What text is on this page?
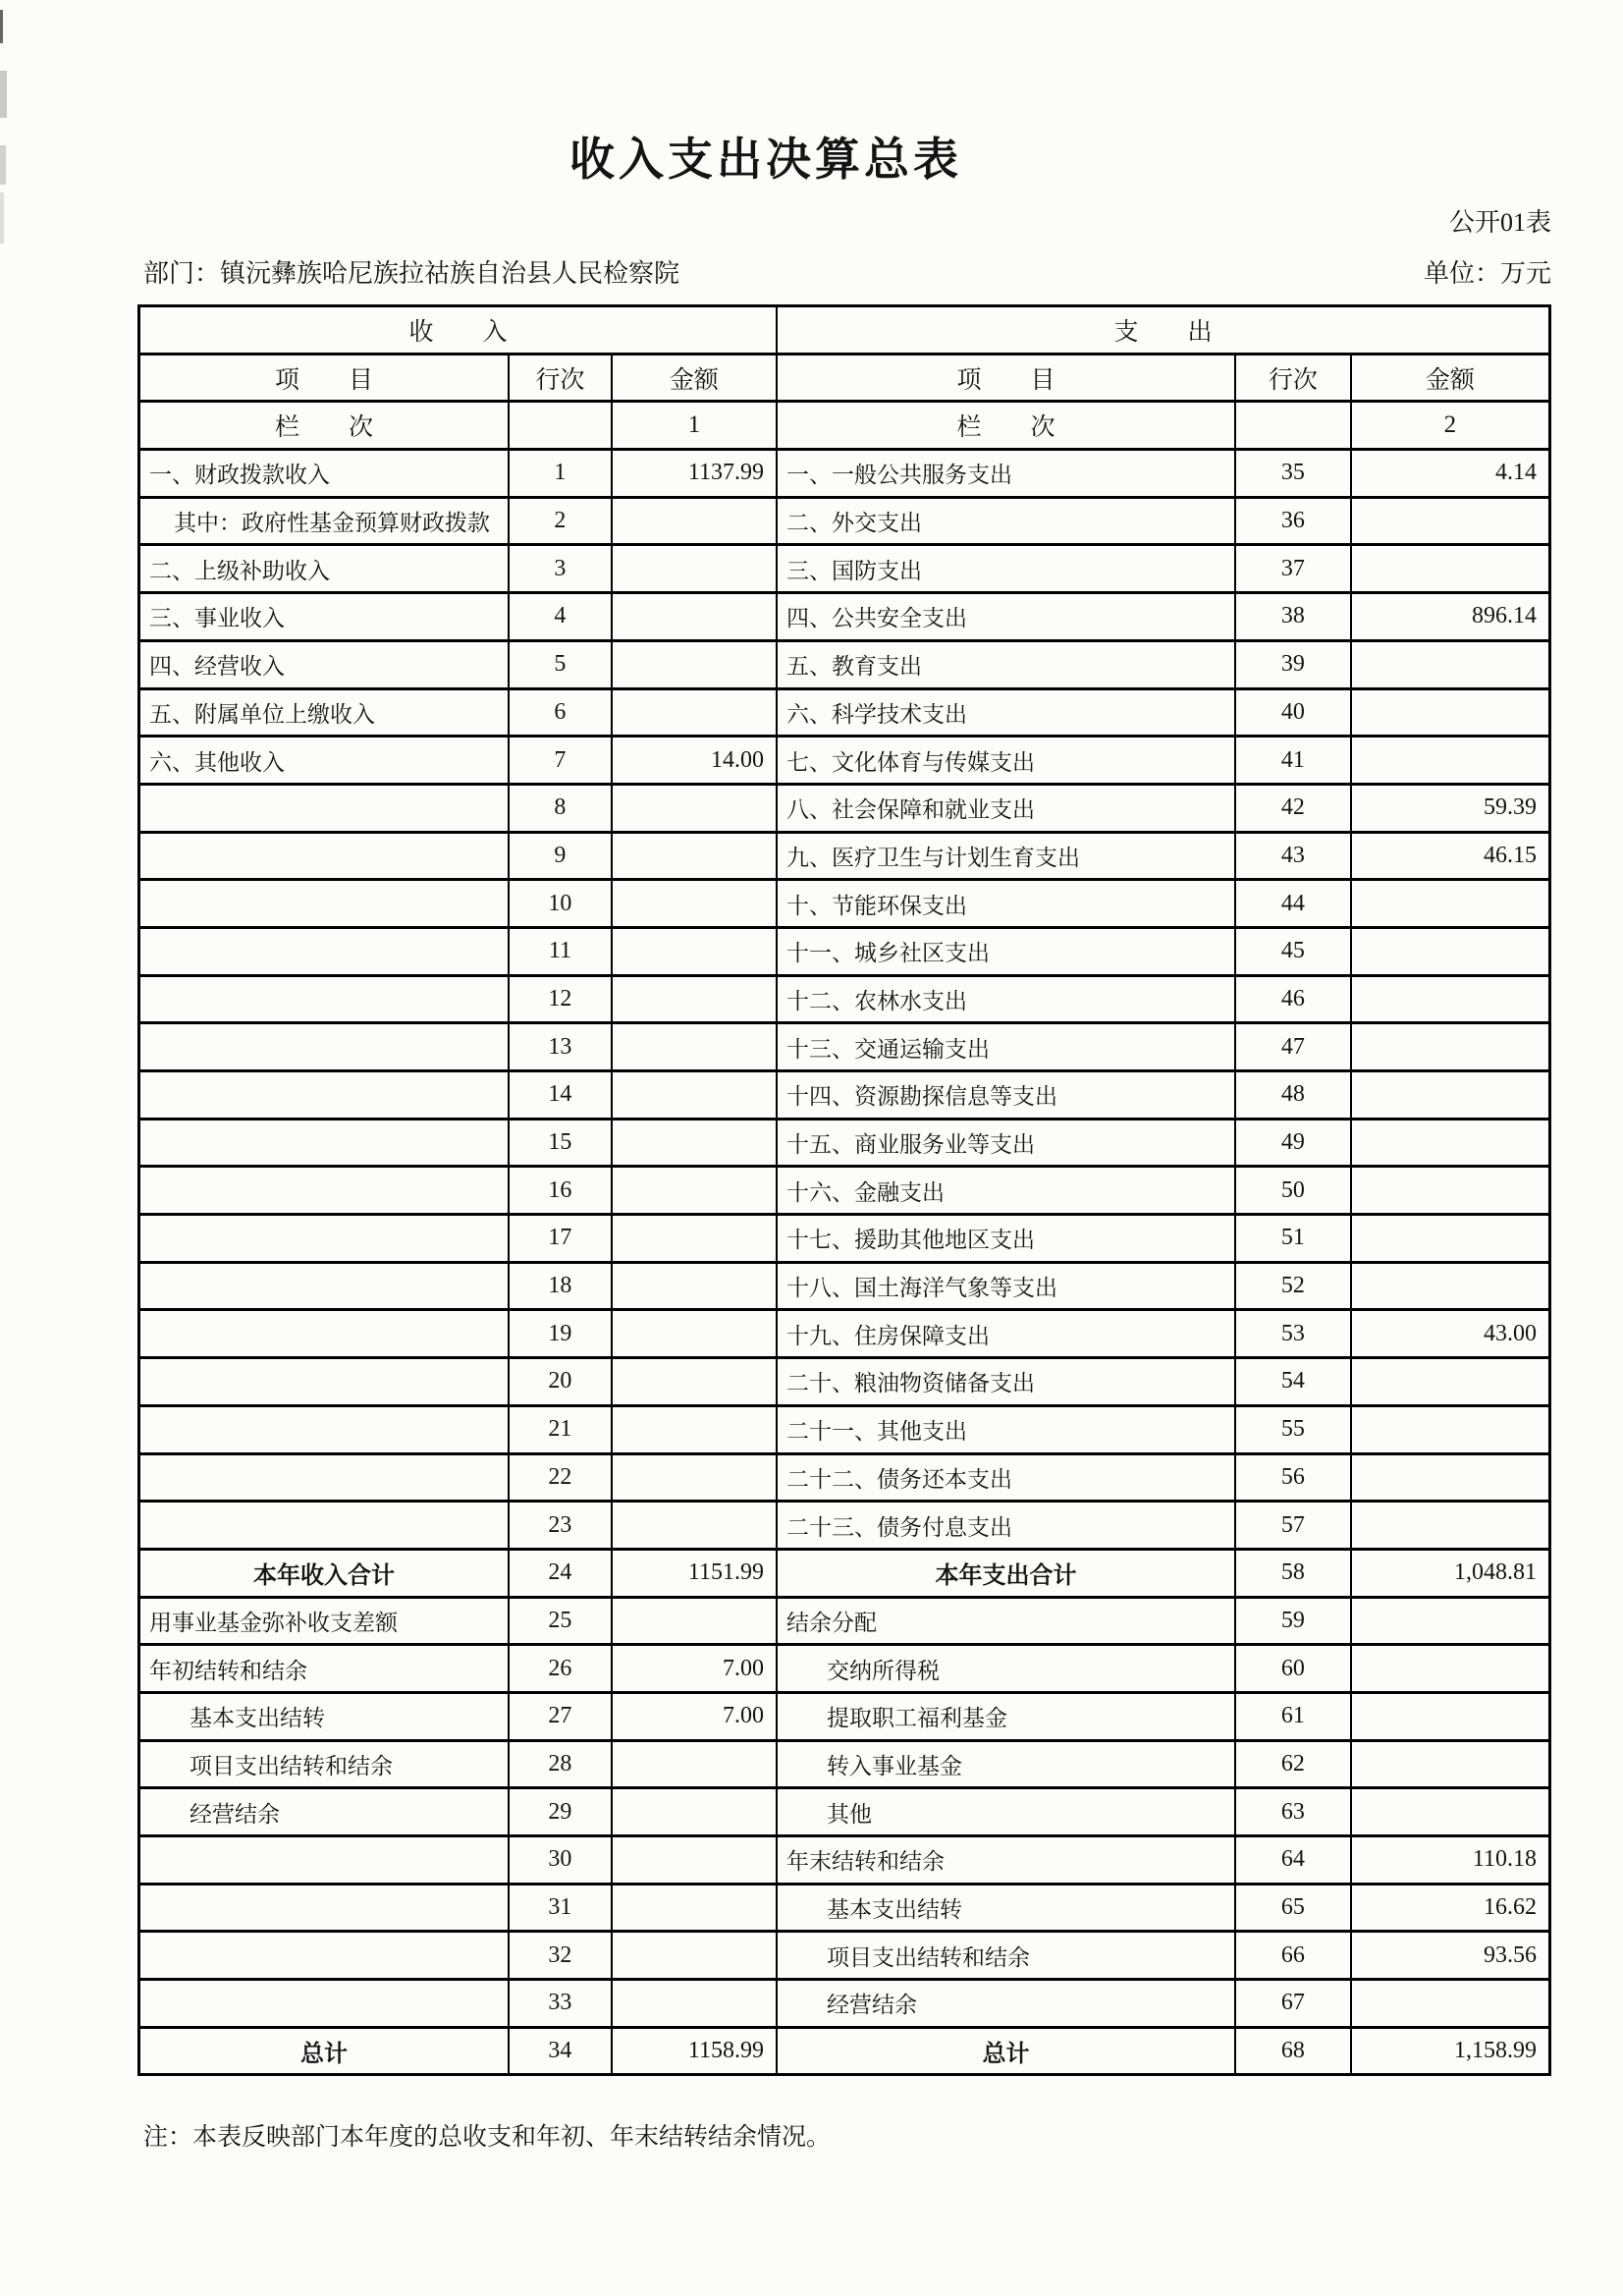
收入支出决算总表
公开01表
部门：镇沅彝族哈尼族拉祜族自治县人民检察院	单位：万元
收　　入			支　　出		
项　　目	行次	金额	项　　目	行次	金额
栏　　次		1	栏　　次		2
一、财政拨款收入	1	1137.99	一、一般公共服务支出	35	4.14
其中：政府性基金预算财政拨款	2		二、外交支出	36	
二、上级补助收入	3		三、国防支出	37	
三、事业收入	4		四、公共安全支出	38	896.14
四、经营收入	5		五、教育支出	39	
五、附属单位上缴收入	6		六、科学技术支出	40	
六、其他收入	7	14.00	七、文化体育与传媒支出	41	
	8		八、社会保障和就业支出	42	59.39
	9		九、医疗卫生与计划生育支出	43	46.15
	10		十、节能环保支出	44	
	11		十一、城乡社区支出	45	
	12		十二、农林水支出	46	
	13		十三、交通运输支出	47	
	14		十四、资源勘探信息等支出	48	
	15		十五、商业服务业等支出	49	
	16		十六、金融支出	50	
	17		十七、援助其他地区支出	51	
	18		十八、国土海洋气象等支出	52	
	19		十九、住房保障支出	53	43.00
	20		二十、粮油物资储备支出	54	
	21		二十一、其他支出	55	
	22		二十二、债务还本支出	56	
	23		二十三、债务付息支出	57	
本年收入合计	24	1151.99	本年支出合计	58	1,048.81
用事业基金弥补收支差额	25		结余分配	59	
年初结转和结余	26	7.00	交纳所得税	60	
基本支出结转	27	7.00	提取职工福利基金	61	
项目支出结转和结余	28		转入事业基金	62	
经营结余	29		其他	63	
	30		年末结转和结余	64	110.18
	31		基本支出结转	65	16.62
	32		项目支出结转和结余	66	93.56
	33		经营结余	67	
总计	34	1158.99	总计	68	1,158.99
注：本表反映部门本年度的总收支和年初、年末结转结余情况。
